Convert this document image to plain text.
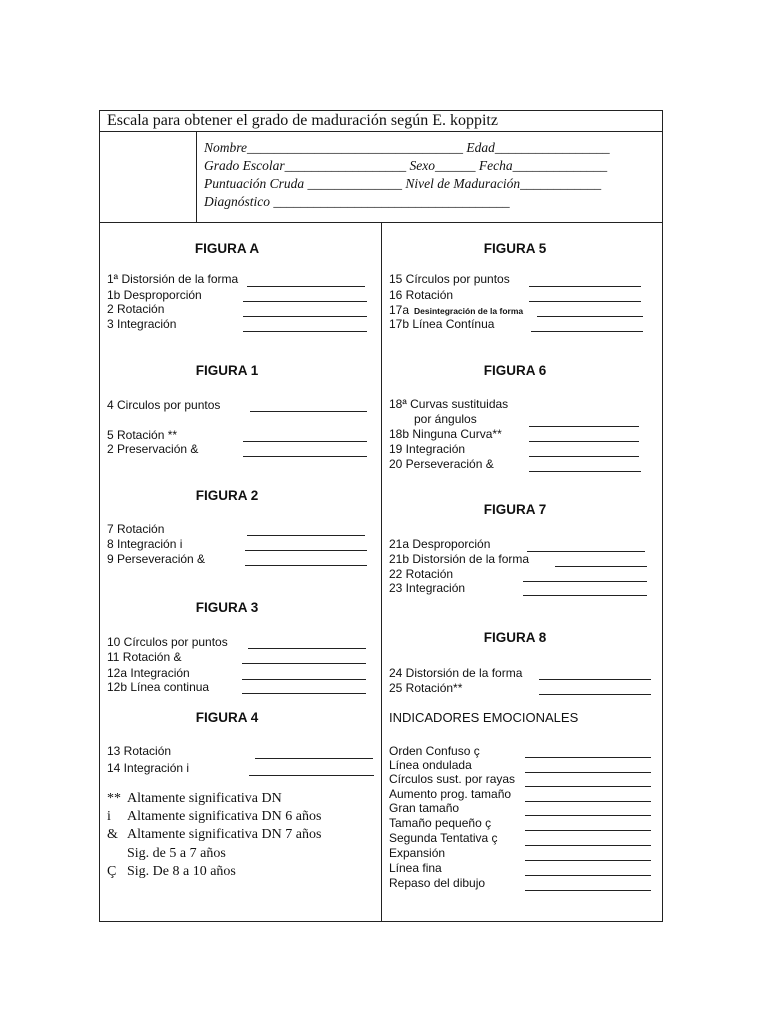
Escala para obtener el grado de maduración según E. koppitz
Nombre________________________________ Edad_________________
Grado Escolar__________________ Sexo______ Fecha______________
Puntuación Cruda ______________ Nivel de Maduración____________
Diagnóstico ___________________________________
FIGURA A
1ª Distorsión de la forma
1b Desproporción
2 Rotación
3 Integración
FIGURA 1
4 Circulos por puntos
5 Rotación **
2 Preservación &
FIGURA 2
7 Rotación
8 Integración i
9 Perseveración &
FIGURA 3
10 Círculos por puntos
11 Rotación &
12a Integración
12b Línea continua
FIGURA 4
13 Rotación
14 Integración i
** Altamente significativa DN
i Altamente significativa DN 6 años
& Altamente significativa DN 7 años
Sig. de 5 a 7 años
Ç Sig. De 8 a 10 años
FIGURA 5
15 Círculos por puntos
16 Rotación
17a Desintegración de la forma
17b Línea Contínua
FIGURA 6
18ª Curvas sustituidas
por ángulos
18b Ninguna Curva**
19 Integración
20 Perseveración &
FIGURA 7
21a Desproporción
21b Distorsión de la forma
22 Rotación
23 Integración
FIGURA 8
24 Distorsión de la forma
25 Rotación**
INDICADORES EMOCIONALES
Orden Confuso ç
Línea ondulada
Círculos sust. por rayas
Aumento prog. tamaño
Gran tamaño
Tamaño pequeño ç
Segunda Tentativa ç
Expansión
Línea fina
Repaso del dibujo
